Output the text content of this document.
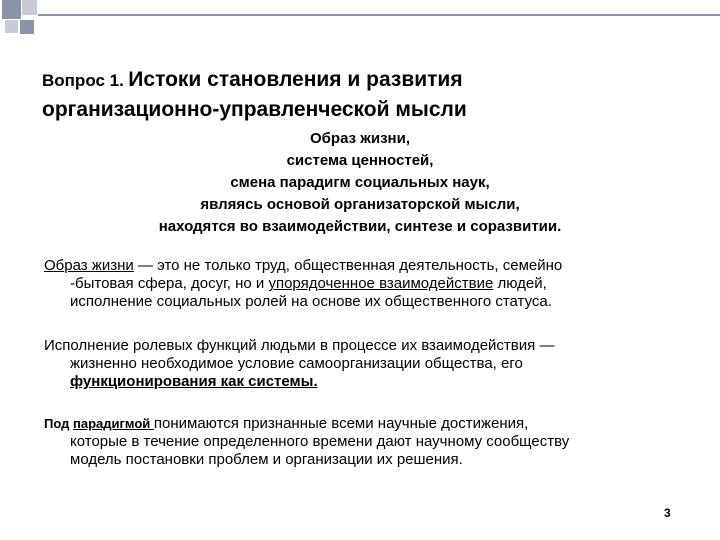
Вопрос 1. Истоки становления и развития
организационно-управленческой мысли
Образ жизни,
система ценностей,
смена парадигм социальных наук,
являясь основой организаторской мысли,
находятся во взаимодействии, синтезе и соразвитии.
Образ жизни — это не только труд, общественная деятельность, семейно
-бытовая сфера, досуг, но и упорядоченное взаимодействие людей,
исполнение социальных ролей на основе их общественного статуса.
Исполнение ролевых функций людьми в процессе их взаимодействия —
жизненно необходимое условие самоорганизации общества, его
функционирования как системы.
Под парадигмой понимаются признанные всеми научные достижения,
которые в течение определенного времени дают научному сообществу
модель постановки проблем и организации их решения.
3
